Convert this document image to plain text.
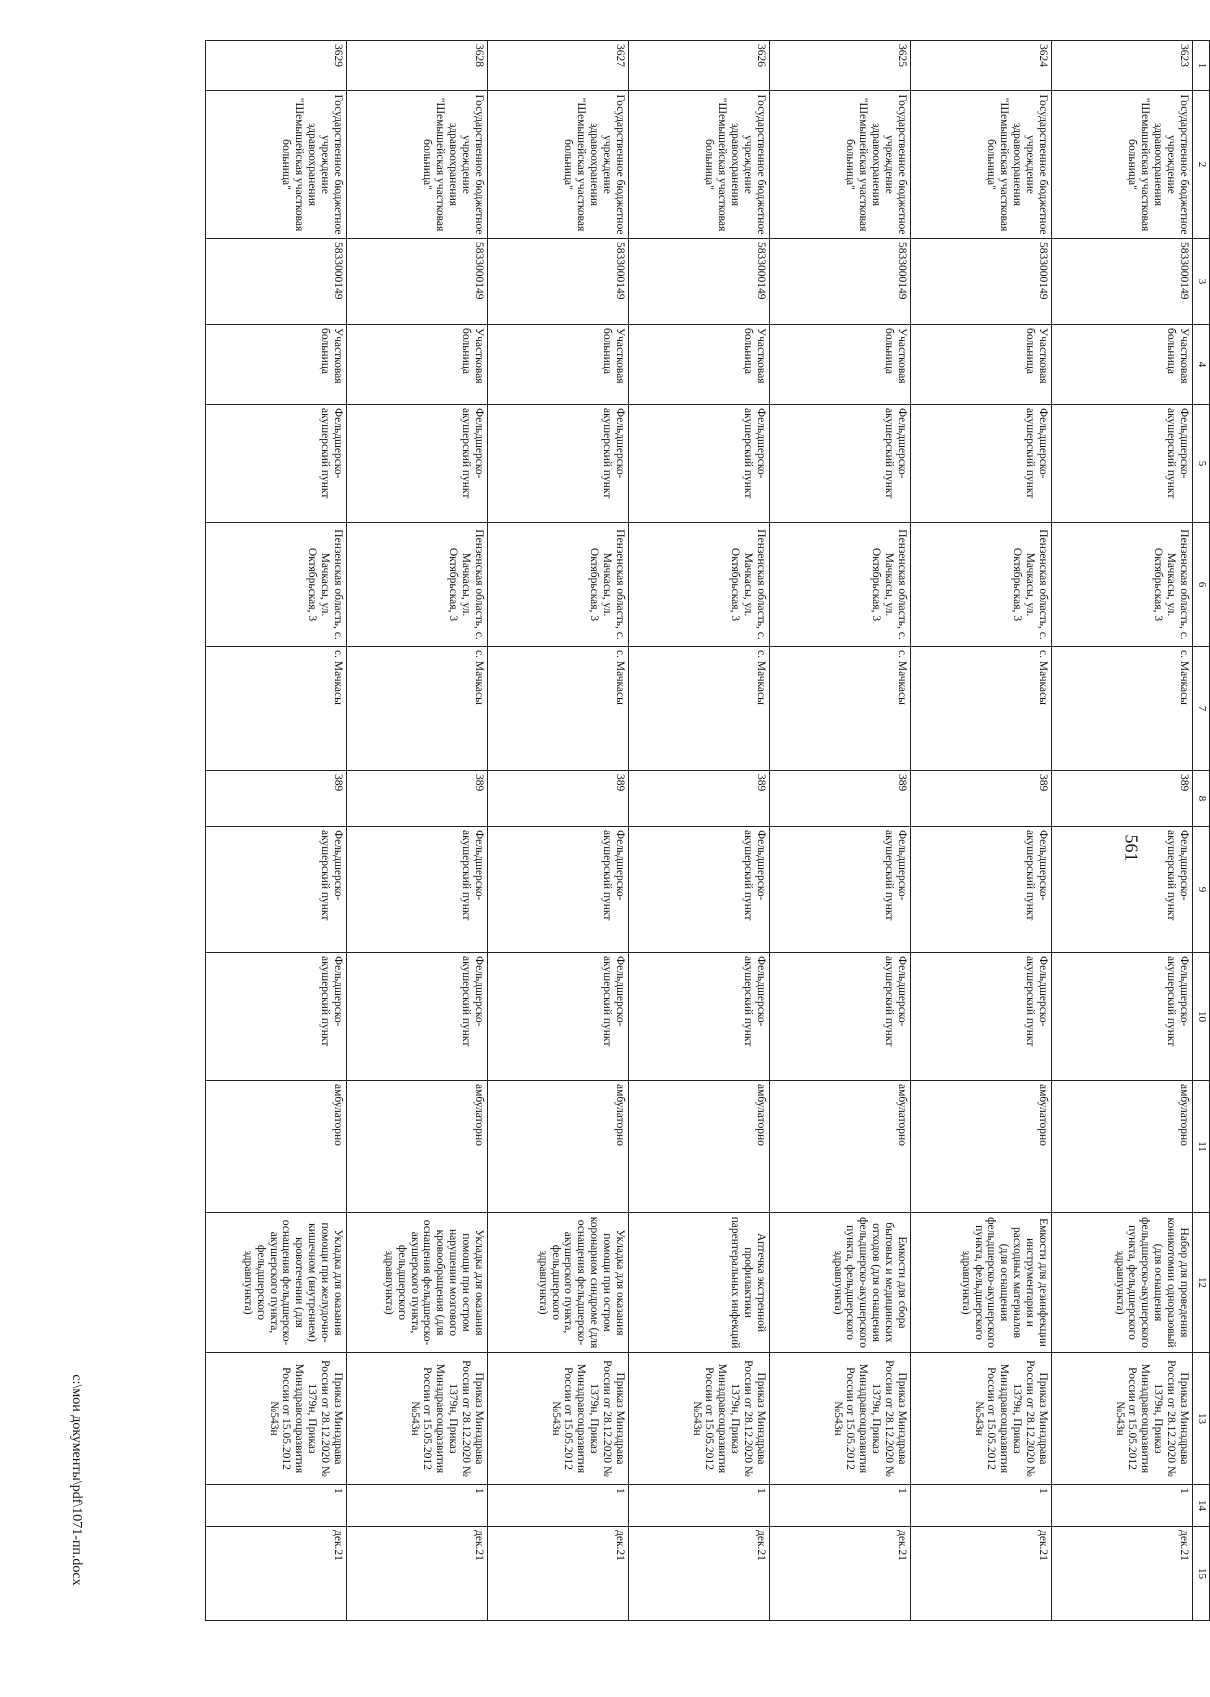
561
1	2	3	4	5	6	7	8	9	10	11	12	13	14	15
3623	Государственное бюджетное учреждение здравоохранения "Шемышейская участковая больница"	5833000149	Участковая больница	Фельдшерско-акушерский пункт	Пензенская область, с. Мачкасы, ул. Октябрьская, 3	с. Мачкасы	389	Фельдшерско-акушерский пункт	Фельдшерско-акушерский пункт	амбулаторно	Набор для проведения коникотомии одноразовый (для оснащения фельдшерско-акушерского пункта, фельдшерского здравпункта)	Приказ Минздрава России от 28.12.2020 № 1379н, Приказ Минздравсоцразвития России от 15.05.2012 №543н	1	дек.21
3624	Государственное бюджетное учреждение здравоохранения "Шемышейская участковая больница"	5833000149	Участковая больница	Фельдшерско-акушерский пункт	Пензенская область, с. Мачкасы, ул. Октябрьская, 3	с. Мачкасы	389	Фельдшерско-акушерский пункт	Фельдшерско-акушерский пункт	амбулаторно	Емкости для дезинфекции инструментария и расходных материалов (для оснащения фельдшерско-акушерского пункта, фельдшерского здравпункта)	Приказ Минздрава России от 28.12.2020 № 1379н, Приказ Минздравсоцразвития России от 15.05.2012 №543н	1	дек.21
3625	Государственное бюджетное учреждение здравоохранения "Шемышейская участковая больница"	5833000149	Участковая больница	Фельдшерско-акушерский пункт	Пензенская область, с. Мачкасы, ул. Октябрьская, 3	с. Мачкасы	389	Фельдшерско-акушерский пункт	Фельдшерско-акушерский пункт	амбулаторно	Емкости для сбора бытовых и медицинских отходов (для оснащения фельдшерско-акушерского пункта, фельдшерского здравпункта)	Приказ Минздрава России от 28.12.2020 № 1379н, Приказ Минздравсоцразвития России от 15.05.2012 №543н	1	дек.21
3626	Государственное бюджетное учреждение здравоохранения "Шемышейская участковая больница"	5833000149	Участковая больница	Фельдшерско-акушерский пункт	Пензенская область, с. Мачкасы, ул. Октябрьская, 3	с. Мачкасы	389	Фельдшерско-акушерский пункт	Фельдшерско-акушерский пункт	амбулаторно	Аптечка экстренной профилактики парентеральных инфекций	Приказ Минздрава России от 28.12.2020 № 1379н, Приказ Минздравсоцразвития России от 15.05.2012 №543н	1	дек.21
3627	Государственное бюджетное учреждение здравоохранения "Шемышейская участковая больница"	5833000149	Участковая больница	Фельдшерско-акушерский пункт	Пензенская область, с. Мачкасы, ул. Октябрьская, 3	с. Мачкасы	389	Фельдшерско-акушерский пункт	Фельдшерско-акушерский пункт	амбулаторно	Укладка для оказания помощи при остром коронарном синдроме (для оснащения фельдшерско-акушерского пункта, фельдшерского здравпункта)	Приказ Минздрава России от 28.12.2020 № 1379н, Приказ Минздравсоцразвития России от 15.05.2012 №543н	1	дек.21
3628	Государственное бюджетное учреждение здравоохранения "Шемышейская участковая больница"	5833000149	Участковая больница	Фельдшерско-акушерский пункт	Пензенская область, с. Мачкасы, ул. Октябрьская, 3	с. Мачкасы	389	Фельдшерско-акушерский пункт	Фельдшерско-акушерский пункт	амбулаторно	Укладка для оказания помощи при остром нарушении мозгового кровообращения (для оснащения фельдшерско-акушерского пункта, фельдшерского здравпункта)	Приказ Минздрава России от 28.12.2020 № 1379н, Приказ Минздравсоцразвития России от 15.05.2012 №543н	1	дек.21
3629	Государственное бюджетное учреждение здравоохранения "Шемышейская участковая больница"	5833000149	Участковая больница	Фельдшерско-акушерский пункт	Пензенская область, с. Мачкасы, ул. Октябрьская, 3	с. Мачкасы	389	Фельдшерско-акушерский пункт	Фельдшерско-акушерский пункт	амбулаторно	Укладка для оказания помощи при желудочно-кишечном (внутреннем) кровотечении (для оснащения фельдшерско-акушерского пункта, фельдшерского здравпункта)	Приказ Минздрава России от 28.12.2020 № 1379н, Приказ Минздравсоцразвития России от 15.05.2012 №543н	1	дек.21
c:\мои документы\pdf\1071-пп.docx
